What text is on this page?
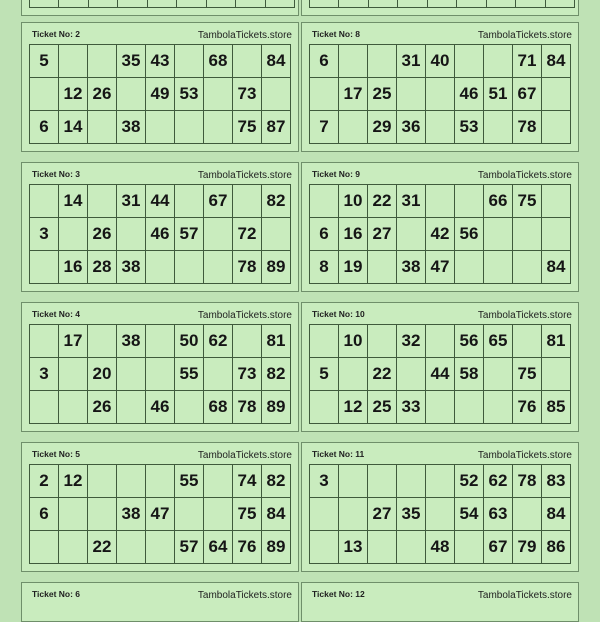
Ticket No: 2	TambolaTickets.store
5			35	43		68		84
	12	26		49	53		73	
6	14		38				75	87
Ticket No: 8	TambolaTickets.store
6			31	40			71	84
	17	25			46	51	67	
7		29	36		53		78	
Ticket No: 3	TambolaTickets.store
	14		31	44		67		82
3		26		46	57		72	
	16	28	38				78	89
Ticket No: 9	TambolaTickets.store
	10	22	31			66	75	
6	16	27		42	56			
8	19		38	47				84
Ticket No: 4	TambolaTickets.store
	17		38		50	62		81
3		20			55		73	82
		26		46		68	78	89
Ticket No: 10	TambolaTickets.store
	10		32		56	65		81
5		22		44	58		75	
	12	25	33				76	85
Ticket No: 5	TambolaTickets.store
2	12				55		74	82
6			38	47			75	84
		22			57	64	76	89
Ticket No: 11	TambolaTickets.store
3					52	62	78	83
		27	35		54	63		84
	13			48		67	79	86
Ticket No: 6	TambolaTickets.store Ticket No: 12	TambolaTickets.store
